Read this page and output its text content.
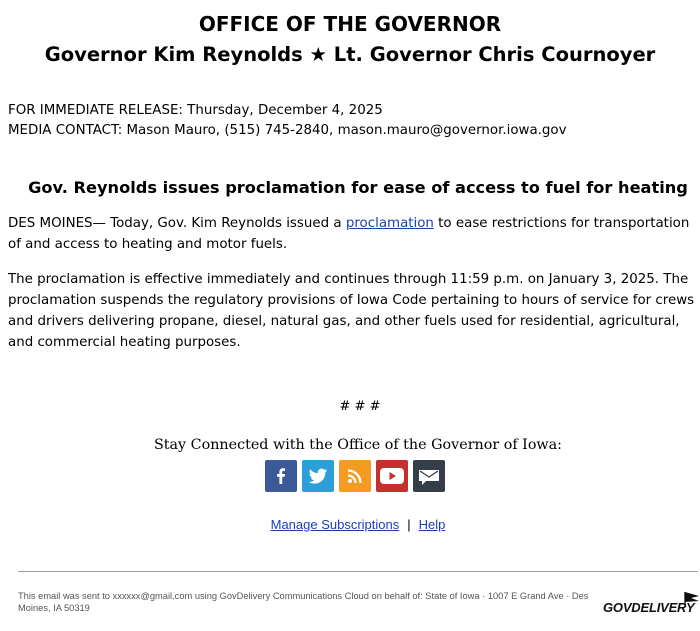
OFFICE OF THE GOVERNOR
Governor Kim Reynolds ★ Lt. Governor Chris Cournoyer
FOR IMMEDIATE RELEASE: Thursday, December 4, 2025
MEDIA CONTACT: Mason Mauro, (515) 745-2840, mason.mauro@governor.iowa.gov
Gov. Reynolds issues proclamation for ease of access to fuel for heating
DES MOINES— Today, Gov. Kim Reynolds issued a proclamation to ease restrictions for transportation of and access to heating and motor fuels.
The proclamation is effective immediately and continues through 11:59 p.m. on January 3, 2025. The proclamation suspends the regulatory provisions of Iowa Code pertaining to hours of service for crews and drivers delivering propane, diesel, natural gas, and other fuels used for residential, agricultural, and commercial heating purposes.
# # #
Stay Connected with the Office of the Governor of Iowa:
Manage Subscriptions | Help
This email was sent to xxxxxx@gmail.com using GovDelivery Communications Cloud on behalf of: State of Iowa · 1007 E Grand Ave · Des Moines, IA 50319	GOVDELIVERY
